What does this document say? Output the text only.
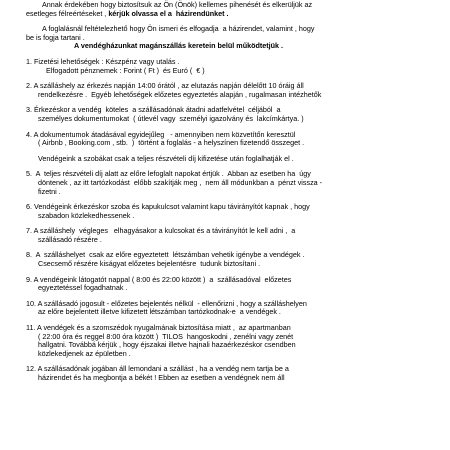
Annak érdekében hogy biztosítsuk az Ön (Önök) kellemes pihenését és elkerüljük az
esetleges félreértéseket , kérjük olvassa el a  házirendünket .
A foglalásnál feltételezhető hogy Ön ismeri és elfogadja  a házirendet, valamint , hogy
be is fogja tartani .
A vendégházunkat magánszállás keretein belül működtetjük .
1. Fizetési lehetőségek : Készpénz vagy utalás .
Elfogadott pénznemek : Forint ( Ft )  és Euró (  € )
2. A szálláshely az érkezés napján 14:00 órától , az elutazás napján délelőtt 10 óráig áll
rendelkezésre .  Egyéb lehetőségek előzetes egyeztetés alapján , rugalmasan intézhetők
3. Érkezéskor a vendég  köteles  a szállásadónak átadni adatfelvétel  céljából  a
személyes dokumentumokat  ( útlevél vagy  személyi igazolvány és  lakcímkártya. )
4. A dokumentumok átadásával egyidejűleg   - amennyiben nem közvetítőn keresztül
( Airbnb , Booking.com , stb.  )  történt a foglalás - a helyszínen fizetendő összeget .
Vendégeink a szobákat csak a teljes részvételi díj kifizetése után foglalhatják el .
5.  A  teljes részvételi díj alatt az előre lefoglalt napokat értjük .  Abban az esetben ha  úgy
döntenek , az itt tartózkodást  előbb szakítják meg ,  nem áll módunkban a  pénzt vissza -
fizetni .
6. Vendégeink érkezéskor szoba és kapukulcsot valamint kapu távirányítót kapnak , hogy
szabadon közlekedhessenek .
7. A szálláshely  végleges   elhagyásakor a kulcsokat és a távirányítót le kell adni ,  a
szállásadó részére .
8.  A  szálláshelyet  csak az előre egyeztetett  létszámban vehetik igénybe a vendégek .
Csecsemő részére kiságyat előzetes bejelentésre  tudunk biztosítani .
9. A vendégeink látogatót nappal ( 8:00 és 22:00 között )  a  szállásadóval  előzetes
egyeztetéssel fogadhatnak .
10. A szállásadó jogosult - előzetes bejelentés nélkül  - ellenőrizni , hogy a szálláshelyen
az előre bejelentett illetve kifizetett létszámban tartózkodnak-e  a vendégek .
11. A vendégek és a szomszédok nyugalmának biztosítása miatt ,  az apartmanban
( 22:00 óra és reggel 8:00 óra között )  TILOS  hangoskodni , zenélni vagy zenét
hallgatni. Továbbá kérjük , hogy éjszakai illetve hajnali hazaérkezéskor csendben
közlekedjenek az épületben .
12. A szállásadónak jogában áll lemondani a szállást , ha a vendég nem tartja be a
házirendet és ha megbontja a békét ! Ebben az esetben a vendégnek nem áll
